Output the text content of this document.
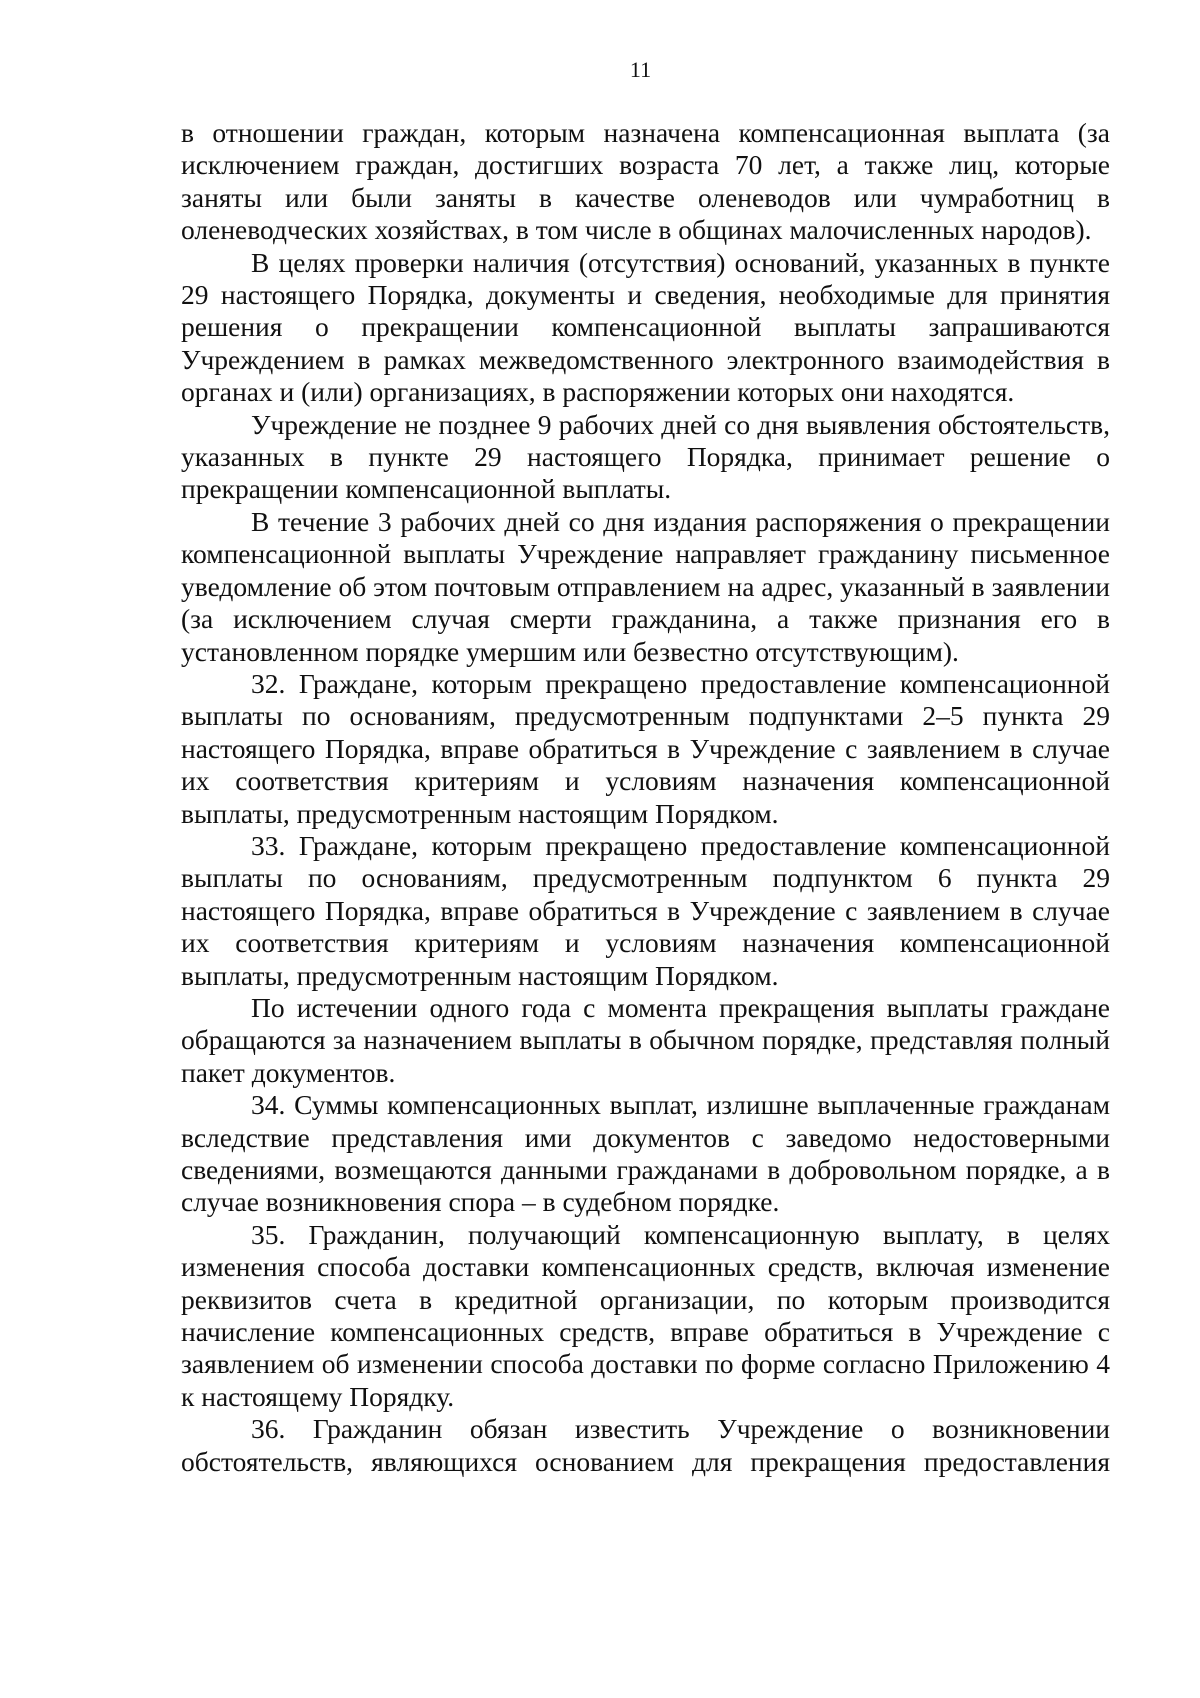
11

в отношении граждан, которым назначена компенсационная выплата (за исключением граждан, достигших возраста 70 лет, а также лиц, которые заняты или были заняты в качестве оленеводов или чумработниц в оленеводческих хозяйствах, в том числе в общинах малочисленных народов).

В целях проверки наличия (отсутствия) оснований, указанных в пункте 29 настоящего Порядка, документы и сведения, необходимые для принятия решения о прекращении компенсационной выплаты запрашиваются Учреждением в рамках межведомственного электронного взаимодействия в органах и (или) организациях, в распоряжении которых они находятся.

Учреждение не позднее 9 рабочих дней со дня выявления обстоятельств, указанных в пункте 29 настоящего Порядка, принимает решение о прекращении компенсационной выплаты.

В течение 3 рабочих дней со дня издания распоряжения о прекращении компенсационной выплаты Учреждение направляет гражданину письменное уведомление об этом почтовым отправлением на адрес, указанный в заявлении (за исключением случая смерти гражданина, а также признания его в установленном порядке умершим или безвестно отсутствующим).

32. Граждане, которым прекращено предоставление компенсационной выплаты по основаниям, предусмотренным подпунктами 2–5 пункта 29 настоящего Порядка, вправе обратиться в Учреждение с заявлением в случае их соответствия критериям и условиям назначения компенсационной выплаты, предусмотренным настоящим Порядком.

33. Граждане, которым прекращено предоставление компенсационной выплаты по основаниям, предусмотренным подпунктом 6 пункта 29 настоящего Порядка, вправе обратиться в Учреждение с заявлением в случае их соответствия критериям и условиям назначения компенсационной выплаты, предусмотренным настоящим Порядком.

По истечении одного года с момента прекращения выплаты граждане обращаются за назначением выплаты в обычном порядке, представляя полный пакет документов.

34. Суммы компенсационных выплат, излишне выплаченные гражданам вследствие представления ими документов с заведомо недостоверными сведениями, возмещаются данными гражданами в добровольном порядке, а в случае возникновения спора – в судебном порядке.

35. Гражданин, получающий компенсационную выплату, в целях изменения способа доставки компенсационных средств, включая изменение реквизитов счета в кредитной организации, по которым производится начисление компенсационных средств, вправе обратиться в Учреждение с заявлением об изменении способа доставки по форме согласно Приложению 4 к настоящему Порядку.

36. Гражданин обязан известить Учреждение о возникновении обстоятельств, являющихся основанием для прекращения предоставления
